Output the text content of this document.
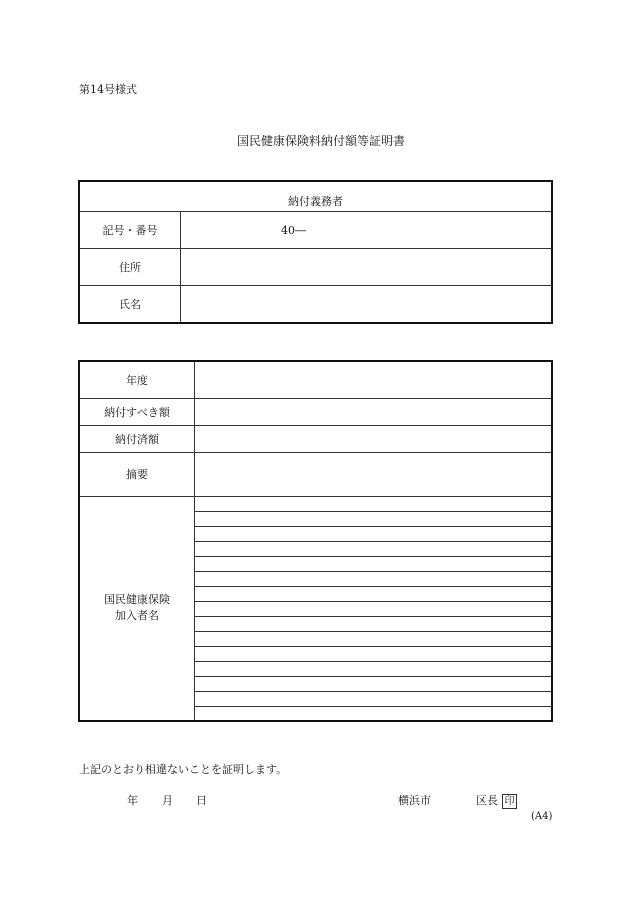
第14号様式
国民健康保険料納付額等証明書
納付義務者	
記号・番号	40―
住所	
氏名	
年度	
納付すべき額	
納付済額	
摘要	

国民健康保険
加入者名	

上記のとおり相違ないことを証明します。
年 月 日	横浜市	区長 印
(A4)
